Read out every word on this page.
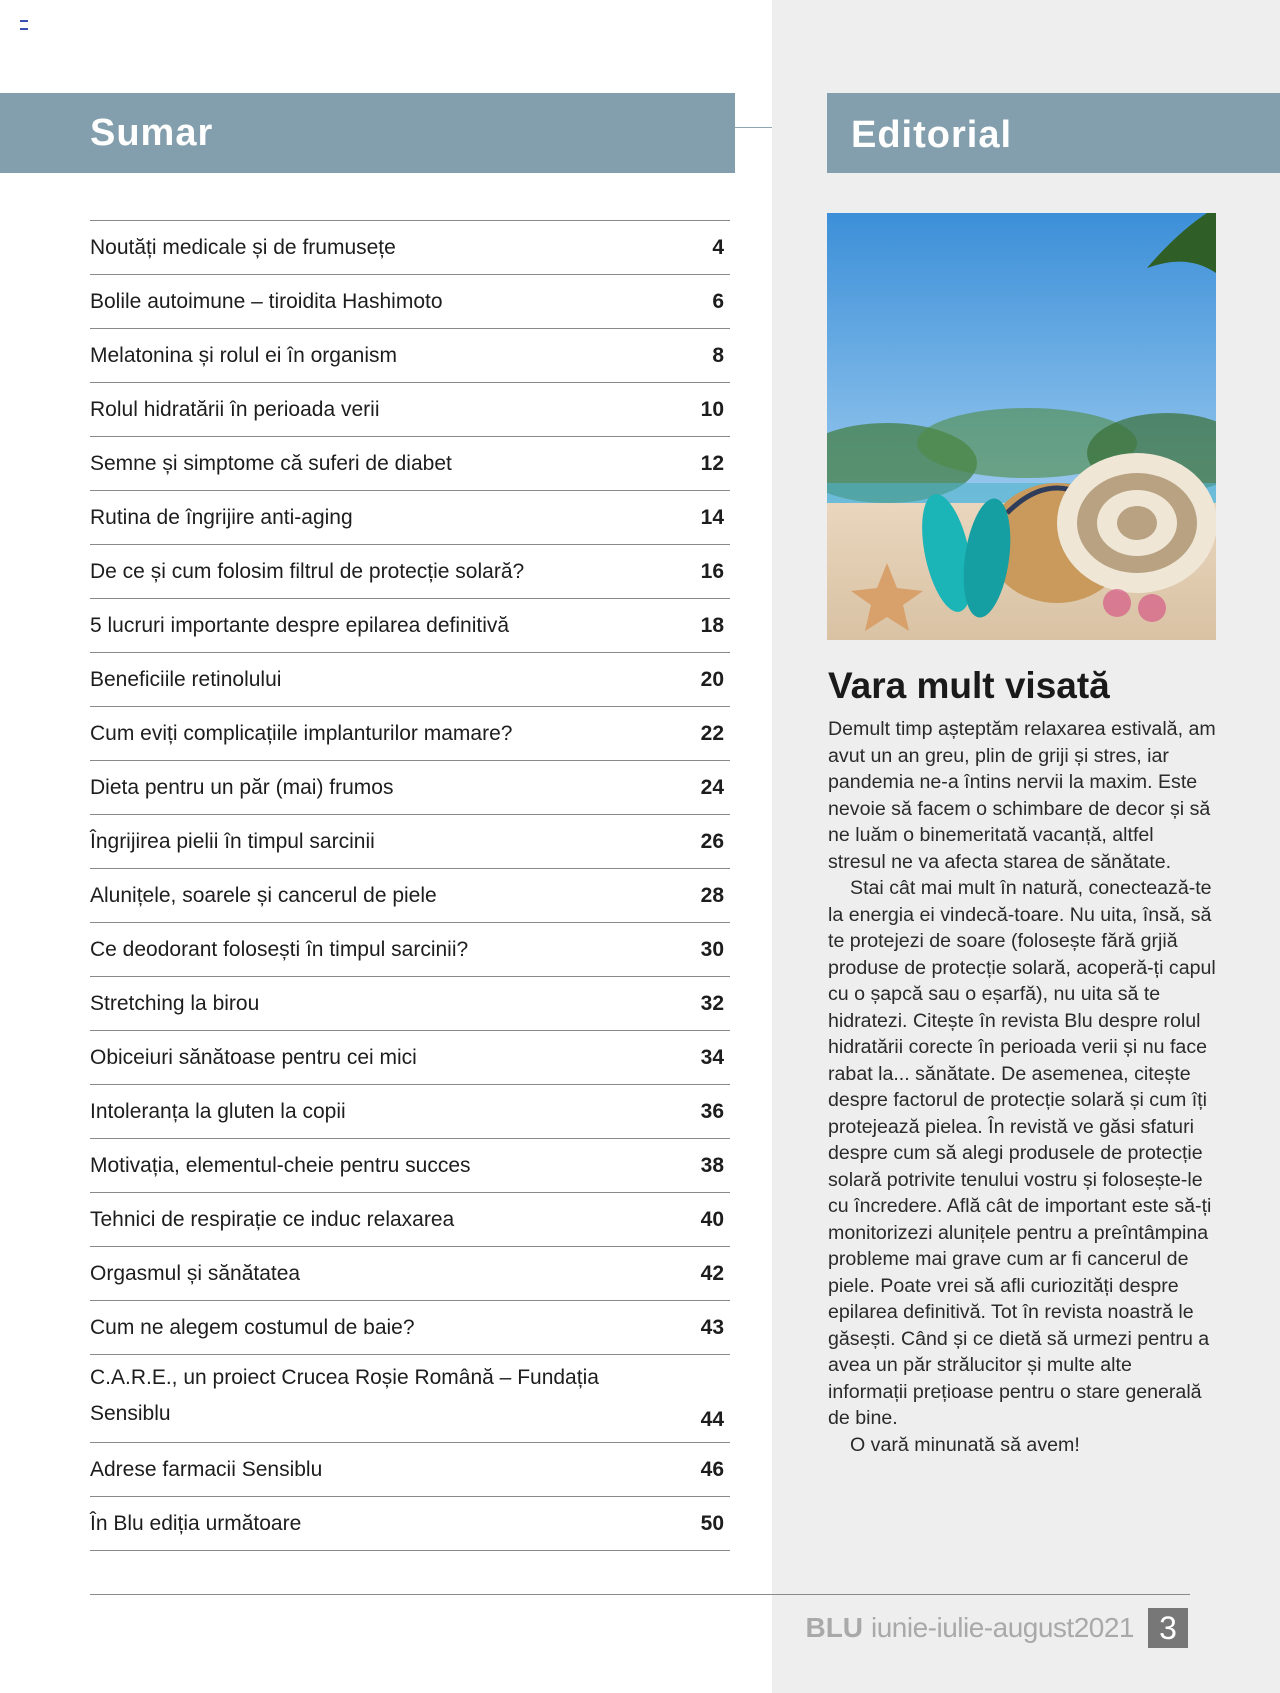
Sumar	Editorial
Noutăți medicale și de frumusețe	4
Bolile autoimune – tiroidita Hashimoto	6
Melatonina și rolul ei în organism	8
Rolul hidratării în perioada verii	10
Semne și simptome că suferi de diabet	12
Rutina de îngrijire anti-aging	14
De ce și cum folosim filtrul de protecție solară?	16
5 lucruri importante despre epilarea definitivă	18
Beneficiile retinolului	20
Cum eviți complicațiile implanturilor mamare?	22
Dieta pentru un păr (mai) frumos	24
Îngrijirea pielii în timpul sarcinii	26
Alunițele, soarele și cancerul de piele	28
Ce deodorant folosești în timpul sarcinii?	30
Stretching la birou	32
Obiceiuri sănătoase pentru cei mici	34
Intoleranța la gluten la copii	36
Motivația, elementul-cheie pentru succes	38
Tehnici de respirație ce induc relaxarea	40
Orgasmul și sănătatea	42
Cum ne alegem costumul de baie?	43
C.A.R.E., un proiect Crucea Roșie Română – Fundația Sensiblu	44
Adrese farmacii Sensiblu	46
În Blu ediția următoare	50
Vara mult visată

Demult timp așteptăm relaxarea estivală, am avut un an greu, plin de griji și stres, iar pandemia ne-a întins nervii la maxim. Este nevoie să facem o schimbare de decor și să ne luăm o binemeritată vacanță, altfel stresul ne va afecta starea de sănătate.

Stai cât mai mult în natură, conectează-te la energia ei vindecă-toare. Nu uita, însă, să te protejezi de soare (folosește fără grjiă produse de protecție solară, acoperă-ți capul cu o șapcă sau o eșarfă), nu uita să te hidratezi. Citește în revista Blu despre rolul hidratării corecte în perioada verii și nu face rabat la... sănătate. De asemenea, citește despre factorul de protecție solară și cum îți protejează pielea. În revistă ve găsi sfaturi despre cum să alegi produsele de protecție solară potrivite tenului vostru și folosește-le cu încredere. Află cât de important este să-ți monitorizezi alunițele pentru a preîntâmpina probleme mai grave cum ar fi cancerul de piele. Poate vrei să afli curiozități despre epilarea definitivă. Tot în revista noastră le găsești. Când și ce dietă să urmezi pentru a avea un păr strălucitor și multe alte informații prețioase pentru o stare generală de bine.

O vară minunată să avem!

BLU iunie-iulie-august2021 3
